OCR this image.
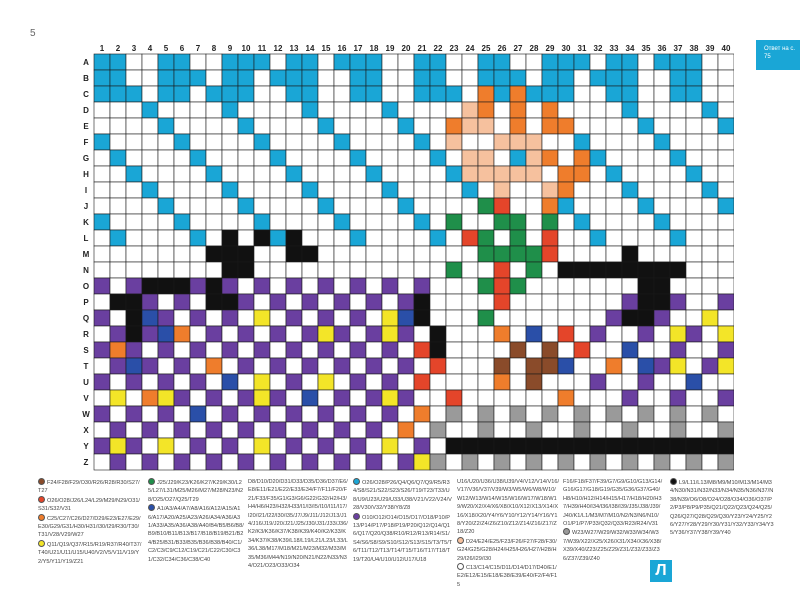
5
Ответ на с. 75
1 2 3 4 5 6 7 8 9 10 11 12 13 14 15 16 17 18 19 20 21 22 23 24 25 26 27 28 29 30 31 32 33 34 35 36 37 38 39 40
A
B
C
D
E
F
G
H
I
J
K
L
M
N
O
P
Q
R
S
T
U
V
W
X
Y
Z
F24/F28/F29/O30/R26/R28/R30/S27/T27
O26/O28/J26/L24/L29/M29/N29/O31/S31/S32/V31
C25/C27/C26/D27/D29/E23/E27/E29/E30/G29/G31/H30/H31/I30/I29/R30/T30/T31/V28/V29/W27
Q11/Q19/Q37/R15/R19/R37/R40/T37/T40/U21/U11/U15/U40/V2/V5/V11/V19/Y2/Y5/Y11/Y19/Z21
J25/J29/K23/K26/K27/K29/K30/L25/L27/L31/M25/M26/M27/M28/N23/N28/O25/O27/Q25/T29
A1/A3/A4/A7/A8/A16/A12/A15/A16/A17/A20/A25/A23/A26/A34/A36/A31/A33/A35/A36/A38/A40/B4/B5/B6/B8/B9/B10/B11/B13/B17/B18/B19/B21/B24/B25/B31/B33/B35/B36/B38/B40/C1/C2/C3/C9/C12/C19/C21/C22/C30/C31/C32/C34/C36/C38/C40
D8/D10/D20/D31/D33/D35/D36/D37/E6/E8/E11/E21/E22/E33/E34/F7/F11/F20/F21/F33/F35/G1/G3/G6/G22/G32/H2/H3/H4/H6/H23/H32/H33/I1/I3/I5/I10/I11/I17/I20/I21/I22/I30/I35/J7/J9/J11/J12/J13/J14/J16/J19/J20/J21/J25/J30/J31/J33/J36/K2/K3/K36/K37/K38/K39/K40/K2/K33/K34/K37/K38/K39/L18/L19/L21/L23/L33/L36/L38/M17/M18/M21/M23/M32/M33/M35/M36/M44/N19/N20/N21/N22/N33/N34/O21/O23/O33/O34
O26/O28/P26/Q4/Q6/Q7/Q9/R5/R34/S8/S21/S22/S23/S26/T19/T23/T33/U8/U9/U23/U29/U33/U38/V21/V22/V24/V28/V30/V32/Y38/Y8/Z8
O10/O12/O14/O15/O17/O18/P10/P13/P14/P17/P18/P19/P20/Q12/Q14/Q16/Q17/Q20/Q38/R10/R12/R13/R14/S1/S4/S6/S8/S9/S10/S12/S13/S15/T3/T5/T6/T11/T12/T13/T14/T15/T16/T17/T18/T19/T20/U4/U10/U12/U17/U18
U16/U20/U36/U38/U39/V4/V12/V14/V16/V17/V36/V37/V39/W3/W5/W6/W8/W10/W12/W13/W14/W15/W16/W17/W18/W19/W20/X2/X4/X6/X8/X10/X12/X13/X14/X16/X18/X20/Y4/Y6/Y10/Y12/Y14/Y16/Y18/Y20/Z2/Z4/Z6/Z10/Z12/Z14/Z16/Z17/Z18/Z20
D24/E24/E25/F23/F26/F27/F28/F30/G24/G25/G28/H24/H25/H26/H27/H28/H29/I26/I29/I30
C13/C14/C15/D11/D14/D17/D40/E1/E2/E12/E15/E18/E38/E39/E40/F2/F4/F15
F16/F18/F37/F39/G7/G9/G10/G13/G14/G16/G17/G18/G19/G35/G36/G37/G40/H8/H10/H12/H14/H15/H17/H18/H20/H37/H39/H40/I34/I36/I38/I39/J35/J38/J39/J40/K1/L1/M3/M7/M10/N2/N3/N6/N10/O1/P1/P7/P33/Q32/Q33/R23/R24/V31
W23/W27/W29/W32/W33/W34/W37/W39/X22/X25/X26/X31/X34/X36/X38/X39/X40/Z23/Z25/Z29/Z31/Z32/Z33/Z36/Z37/Z39/Z40
L9/L11/L13/M8/M9/M10/M13/M14/M34/N30/N31/N32/N33/N34/N35/N36/N37/N38/N39/O6/O8/O24/O28/O34/O36/O37/P2/P3/P8/P9/P35/Q21/Q22/Q23/Q24/Q25/Q26/Q27/Q28/Q29/Q30/Y23/Y24/Y25/Y26/Y27/Y28/Y29/Y30/Y31/Y32/Y33/Y34/Y35/Y36/Y37/Y38/Y39/Y40
Л
